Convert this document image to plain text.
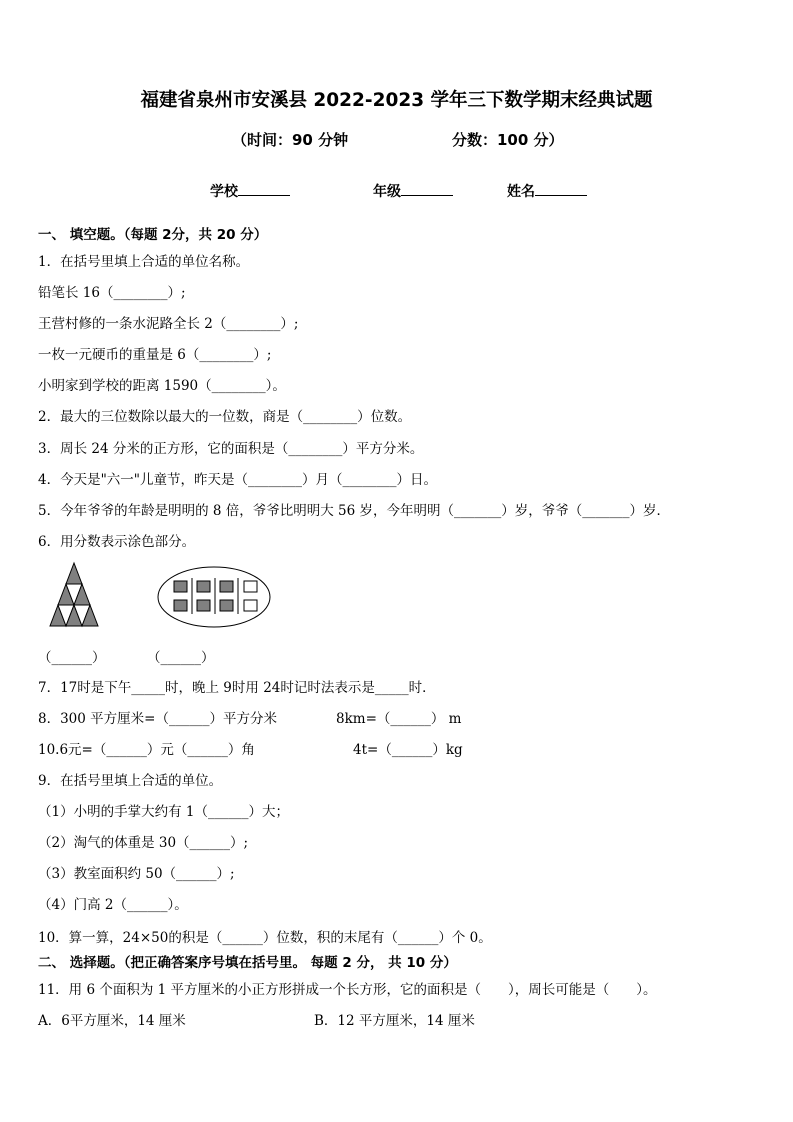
福建省泉州市安溪县 2022-2023 学年三下数学期末经典试题
（时间：90 分钟	分数：100 分）
学校	年级	姓名
一、 填空题。（每题 2分，共 20 分）
1．在括号里填上合适的单位名称。
铅笔长 16（________）;
王营村修的一条水泥路全长 2（________）;
一枚一元硬币的重量是 6（________）;
小明家到学校的距离 1590（________）。
2．最大的三位数除以最大的一位数，商是（________）位数。
3．周长 24 分米的正方形，它的面积是（________）平方分米。
4．今天是"六一"儿童节，昨天是（________）月（________）日。
5．今年爷爷的年龄是明明的 8 倍，爷爷比明明大 56 岁，今年明明（_______）岁，爷爷（_______）岁．
6．用分数表示涂色部分。
（______）	（______）
7．17时是下午_____时，晚上 9时用 24时记时法表示是_____时．
8．300 平方厘米=（______）平方分米	8km=（______） m
10.6元=（______）元（______）角	4t=（______）kg
9．在括号里填上合适的单位。
（1）小明的手掌大约有 1（______）大；
（2）淘气的体重是 30（______）;
（3）教室面积约 50（______）;
（4）门高 2（______）。
10．算一算，24×50的积是（______）位数，积的末尾有（______）个 0。
二、 选择题。（把正确答案序号填在括号里。 每题 2 分， 共 10 分）
11．用 6 个面积为 1 平方厘米的小正方形拼成一个长方形，它的面积是（　　），周长可能是（　　）。
A．6平方厘米，14 厘米	B．12 平方厘米，14 厘米
